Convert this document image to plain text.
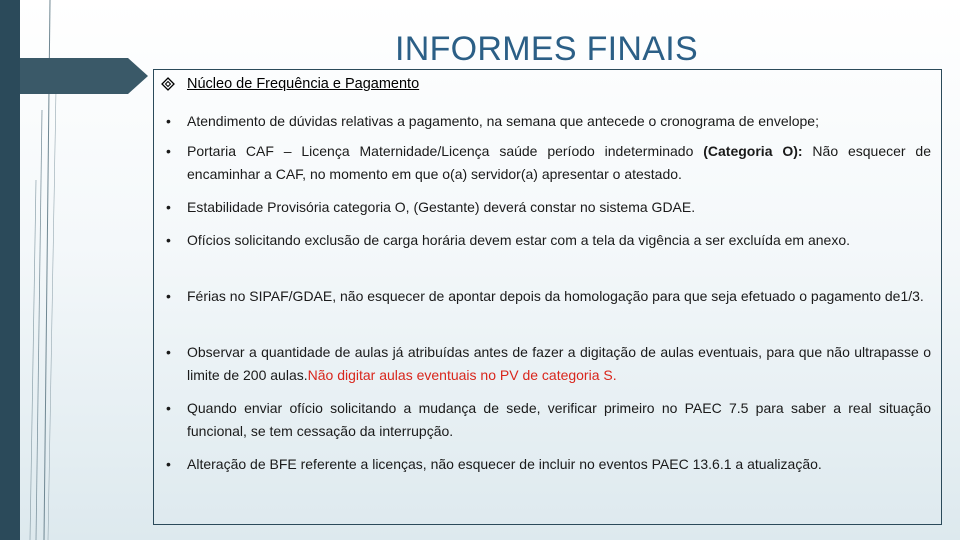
INFORMES FINAIS
Núcleo de Frequência e Pagamento
•	Atendimento de dúvidas relativas a pagamento, na semana que antecede o cronograma de envelope;
•	Portaria CAF – Licença Maternidade/Licença saúde período indeterminado (Categoria O): Não esquecer de encaminhar a CAF, no momento em que o(a) servidor(a) apresentar o atestado.
•	Estabilidade Provisória categoria O, (Gestante) deverá constar no sistema GDAE.
•	Ofícios solicitando exclusão de carga horária devem estar com a tela da vigência a ser excluída em anexo.
•	Férias no SIPAF/GDAE, não esquecer de apontar depois da homologação para que seja efetuado o pagamento de1/3.
•	Observar a quantidade de aulas já atribuídas antes de fazer a digitação de aulas eventuais, para que não ultrapasse o limite de 200 aulas.Não digitar aulas eventuais no PV de categoria S.
•	Quando enviar ofício solicitando a mudança de sede, verificar primeiro no PAEC 7.5 para saber a real situação funcional, se tem cessação da interrupção.
•	Alteração de BFE referente a licenças, não esquecer de incluir no eventos PAEC 13.6.1 a atualização.
